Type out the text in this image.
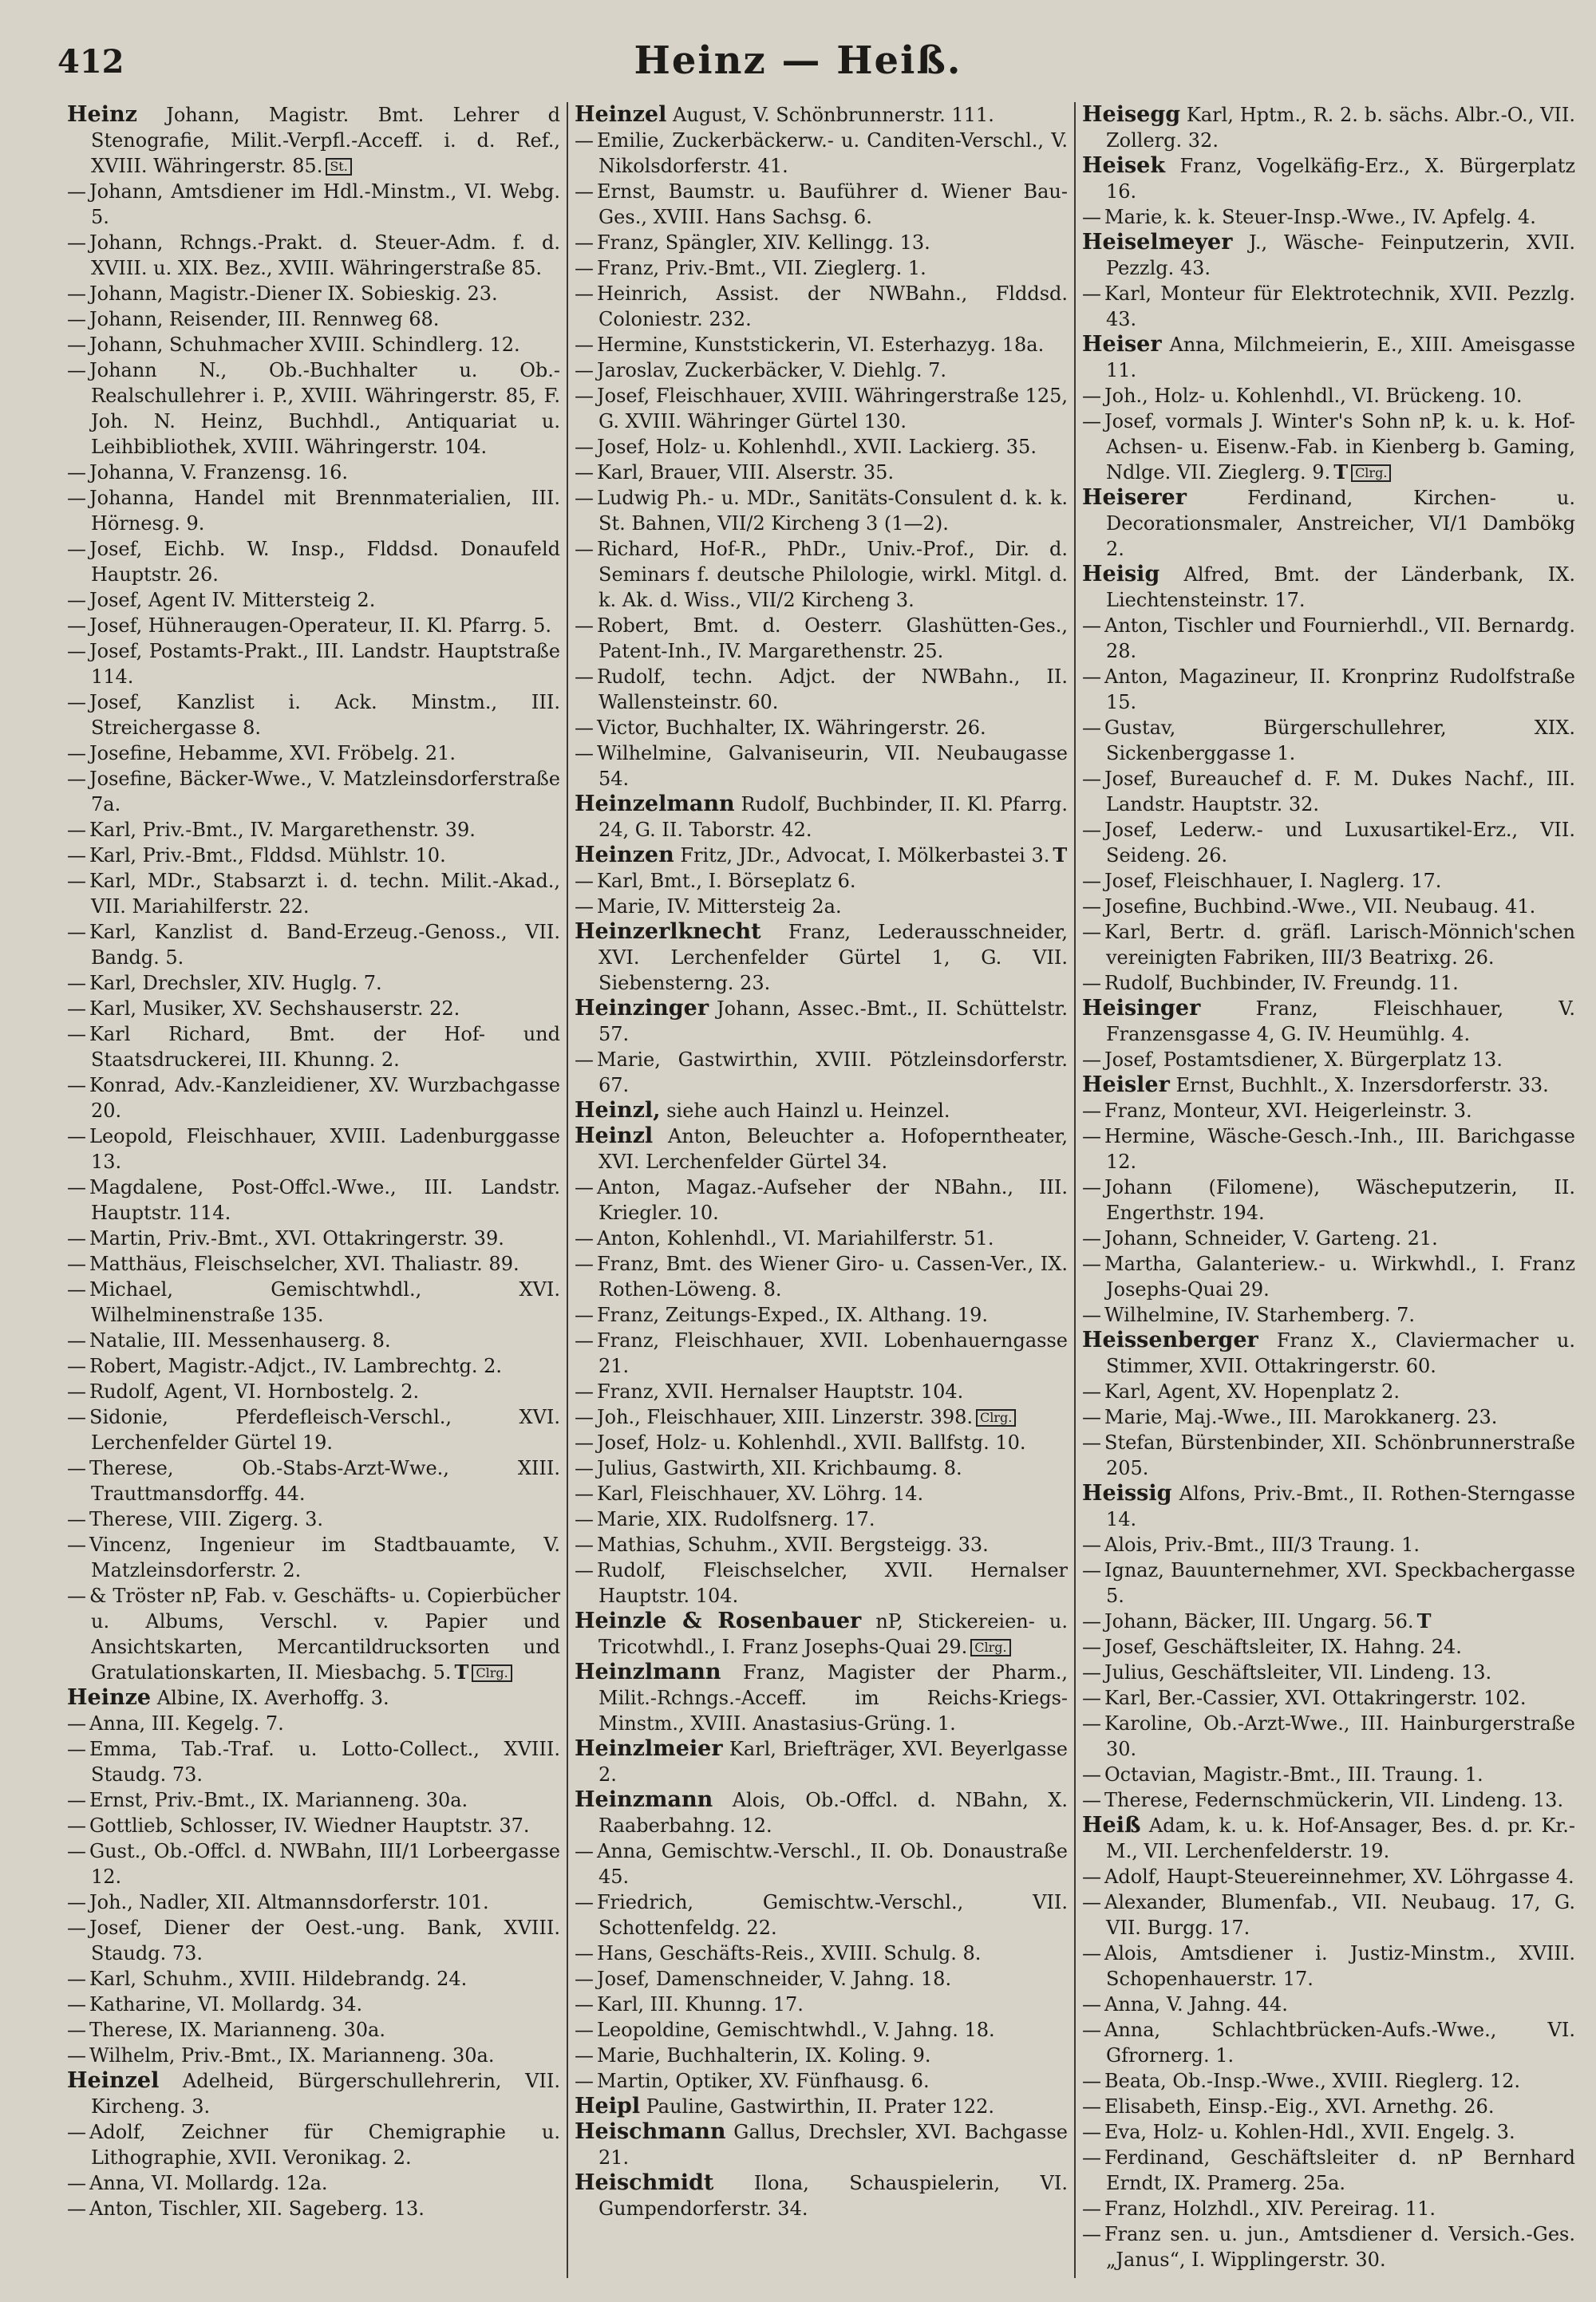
412	Heinz — Heiß.
Heinz Johann, Magistr. Bmt. Lehrer d Stenografie, Milit.-Verpfl.-Acceff. i. d. Ref., XVIII. Währingerstr. 85. St.
— Johann, Amtsdiener im Hdl.-Minstm., VI. Webg. 5.
— Johann, Rchngs.-Prakt. d. Steuer-Adm. f. d. XVIII. u. XIX. Bez., XVIII. Währingerstraße 85.
— Johann, Magistr.-Diener IX. Sobieskig. 23.
— Johann, Reisender, III. Rennweg 68.
— Johann, Schuhmacher XVIII. Schindlerg. 12.
— Johann N., Ob.-Buchhalter u. Ob.-Realschullehrer i. P., XVIII. Währingerstr. 85, F. Joh. N. Heinz, Buchhdl., Antiquariat u. Leihbibliothek, XVIII. Währingerstr. 104.
— Johanna, V. Franzensg. 16.
— Johanna, Handel mit Brennmaterialien, III. Hörnesg. 9.
— Josef, Eichb. W. Insp., Flddsd. Donaufeld Hauptstr. 26.
— Josef, Agent IV. Mittersteig 2.
— Josef, Hühneraugen-Operateur, II. Kl. Pfarrg. 5.
— Josef, Postamts-Prakt., III. Landstr. Hauptstraße 114.
— Josef, Kanzlist i. Ack. Minstm., III. Streichergasse 8.
— Josefine, Hebamme, XVI. Fröbelg. 21.
— Josefine, Bäcker-Wwe., V. Matzleinsdorferstraße 7a.
— Karl, Priv.-Bmt., IV. Margarethenstr. 39.
— Karl, Priv.-Bmt., Flddsd. Mühlstr. 10.
— Karl, MDr., Stabsarzt i. d. techn. Milit.-Akad., VII. Mariahilferstr. 22.
— Karl, Kanzlist d. Band-Erzeug.-Genoss., VII. Bandg. 5.
— Karl, Drechsler, XIV. Huglg. 7.
— Karl, Musiker, XV. Sechshauserstr. 22.
— Karl Richard, Bmt. der Hof- und Staatsdruckerei, III. Khunng. 2.
— Konrad, Adv.-Kanzleidiener, XV. Wurzbachgasse 20.
— Leopold, Fleischhauer, XVIII. Ladenburggasse 13.
— Magdalene, Post-Offcl.-Wwe., III. Landstr. Hauptstr. 114.
— Martin, Priv.-Bmt., XVI. Ottakringerstr. 39.
— Matthäus, Fleischselcher, XVI. Thaliastr. 89.
— Michael, Gemischtwhdl., XVI. Wilhelminenstraße 135.
— Natalie, III. Messenhauserg. 8.
— Robert, Magistr.-Adjct., IV. Lambrechtg. 2.
— Rudolf, Agent, VI. Hornbostelg. 2.
— Sidonie, Pferdefleisch-Verschl., XVI. Lerchenfelder Gürtel 19.
— Therese, Ob.-Stabs-Arzt-Wwe., XIII. Trauttmansdorffg. 44.
— Therese, VIII. Zigerg. 3.
— Vincenz, Ingenieur im Stadtbauamte, V. Matzleinsdorferstr. 2.
— & Tröster nP, Fab. v. Geschäfts- u. Copierbücher u. Albums, Verschl. v. Papier und Ansichtskarten, Mercantildrucksorten und Gratulationskarten, II. Miesbachg. 5. T Clrg.
Heinze Albine, IX. Averhoffg. 3.
— Anna, III. Kegelg. 7.
— Emma, Tab.-Traf. u. Lotto-Collect., XVIII. Staudg. 73.
— Ernst, Priv.-Bmt., IX. Marianneng. 30a.
— Gottlieb, Schlosser, IV. Wiedner Hauptstr. 37.
— Gust., Ob.-Offcl. d. NWBahn, III/1 Lorbeergasse 12.
— Joh., Nadler, XII. Altmannsdorferstr. 101.
— Josef, Diener der Oest.-ung. Bank, XVIII. Staudg. 73.
— Karl, Schuhm., XVIII. Hildebrandg. 24.
— Katharine, VI. Mollardg. 34.
— Therese, IX. Marianneng. 30a.
— Wilhelm, Priv.-Bmt., IX. Marianneng. 30a.
Heinzel Adelheid, Bürgerschullehrerin, VII. Kircheng. 3.
— Adolf, Zeichner für Chemigraphie u. Lithographie, XVII. Veronikag. 2.
— Anna, VI. Mollardg. 12a.
— Anton, Tischler, XII. Sageberg. 13.
Heinzel August, V. Schönbrunnerstr. 111.
— Emilie, Zuckerbäckerw.- u. Canditen-Verschl., V. Nikolsdorferstr. 41.
— Ernst, Baumstr. u. Bauführer d. Wiener Bau-Ges., XVIII. Hans Sachsg. 6.
— Franz, Spängler, XIV. Kellingg. 13.
— Franz, Priv.-Bmt., VII. Zieglerg. 1.
— Heinrich, Assist. der NWBahn., Flddsd. Coloniestr. 232.
— Hermine, Kunststickerin, VI. Esterhazyg. 18a.
— Jaroslav, Zuckerbäcker, V. Diehlg. 7.
— Josef, Fleischhauer, XVIII. Währingerstraße 125, G. XVIII. Währinger Gürtel 130.
— Josef, Holz- u. Kohlenhdl., XVII. Lackierg. 35.
— Karl, Brauer, VIII. Alserstr. 35.
— Ludwig Ph.- u. MDr., Sanitäts-Consulent d. k. k. St. Bahnen, VII/2 Kircheng 3 (1—2).
— Richard, Hof-R., PhDr., Univ.-Prof., Dir. d. Seminars f. deutsche Philologie, wirkl. Mitgl. d. k. Ak. d. Wiss., VII/2 Kircheng 3.
— Robert, Bmt. d. Oesterr. Glashütten-Ges., Patent-Inh., IV. Margarethenstr. 25.
— Rudolf, techn. Adjct. der NWBahn., II. Wallensteinstr. 60.
— Victor, Buchhalter, IX. Währingerstr. 26.
— Wilhelmine, Galvaniseurin, VII. Neubaugasse 54.
Heinzelmann Rudolf, Buchbinder, II. Kl. Pfarrg. 24, G. II. Taborstr. 42.
Heinzen Fritz, JDr., Advocat, I. Mölkerbastei 3. T
— Karl, Bmt., I. Börseplatz 6.
— Marie, IV. Mittersteig 2a.
Heinzerlknecht Franz, Lederausschneider, XVI. Lerchenfelder Gürtel 1, G. VII. Siebensterng. 23.
Heinzinger Johann, Assec.-Bmt., II. Schüttelstr. 57.
— Marie, Gastwirthin, XVIII. Pötzleinsdorferstr. 67.
Heinzl, siehe auch Hainzl u. Heinzel.
Heinzl Anton, Beleuchter a. Hofoperntheater, XVI. Lerchenfelder Gürtel 34.
— Anton, Magaz.-Aufseher der NBahn., III. Kriegler. 10.
— Anton, Kohlenhdl., VI. Mariahilferstr. 51.
— Franz, Bmt. des Wiener Giro- u. Cassen-Ver., IX. Rothen-Löweng. 8.
— Franz, Zeitungs-Exped., IX. Althang. 19.
— Franz, Fleischhauer, XVII. Lobenhauerngasse 21.
— Franz, XVII. Hernalser Hauptstr. 104.
— Joh., Fleischhauer, XIII. Linzerstr. 398. Clrg.
— Josef, Holz- u. Kohlenhdl., XVII. Ballfstg. 10.
— Julius, Gastwirth, XII. Krichbaumg. 8.
— Karl, Fleischhauer, XV. Löhrg. 14.
— Marie, XIX. Rudolfsnerg. 17.
— Mathias, Schuhm., XVII. Bergsteigg. 33.
— Rudolf, Fleischselcher, XVII. Hernalser Hauptstr. 104.
Heinzle & Rosenbauer nP, Stickereien- u. Tricotwhdl., I. Franz Josephs-Quai 29. Clrg.
Heinzlmann Franz, Magister der Pharm., Milit.-Rchngs.-Acceff. im Reichs-Kriegs-Minstm., XVIII. Anastasius-Grüng. 1.
Heinzlmeier Karl, Briefträger, XVI. Beyerlgasse 2.
Heinzmann Alois, Ob.-Offcl. d. NBahn, X. Raaberbahng. 12.
— Anna, Gemischtw.-Verschl., II. Ob. Donaustraße 45.
— Friedrich, Gemischtw.-Verschl., VII. Schottenfeldg. 22.
— Hans, Geschäfts-Reis., XVIII. Schulg. 8.
— Josef, Damenschneider, V. Jahng. 18.
— Karl, III. Khunng. 17.
— Leopoldine, Gemischtwhdl., V. Jahng. 18.
— Marie, Buchhalterin, IX. Koling. 9.
— Martin, Optiker, XV. Fünfhausg. 6.
Heipl Pauline, Gastwirthin, II. Prater 122.
Heischmann Gallus, Drechsler, XVI. Bachgasse 21.
Heischmidt Ilona, Schauspielerin, VI. Gumpendorferstr. 34.
Heisegg Karl, Hptm., R. 2. b. sächs. Albr.-O., VII. Zollerg. 32.
Heisek Franz, Vogelkäfig-Erz., X. Bürgerplatz 16.
— Marie, k. k. Steuer-Insp.-Wwe., IV. Apfelg. 4.
Heiselmeyer J., Wäsche- Feinputzerin, XVII. Pezzlg. 43.
— Karl, Monteur für Elektrotechnik, XVII. Pezzlg. 43.
Heiser Anna, Milchmeierin, E., XIII. Ameisgasse 11.
— Joh., Holz- u. Kohlenhdl., VI. Brückeng. 10.
— Josef, vormals J. Winter's Sohn nP, k. u. k. Hof-Achsen- u. Eisenw.-Fab. in Kienberg b. Gaming, Ndlge. VII. Zieglerg. 9. T Clrg.
Heiserer	Ferdinand, Kirchen- u. Decorationsmaler, Anstreicher, VI/1 Dambökg 2.
Heisig Alfred, Bmt. der Länderbank, IX. Liechtensteinstr. 17.
— Anton, Tischler und Fournierhdl., VII. Bernardg. 28.
— Anton, Magazineur, II. Kronprinz Rudolfstraße 15.
— Gustav, Bürgerschullehrer, XIX. Sickenberggasse 1.
— Josef, Bureauchef d. F. M. Dukes Nachf., III. Landstr. Hauptstr. 32.
— Josef, Lederw.- und Luxusartikel-Erz., VII. Seideng. 26.
— Josef, Fleischhauer, I. Naglerg. 17.
— Josefine, Buchbind.-Wwe., VII. Neubaug. 41.
— Karl, Bertr. d. gräfl. Larisch-Mönnich'schen vereinigten Fabriken, III/3 Beatrixg. 26.
— Rudolf, Buchbinder, IV. Freundg. 11.
Heisinger	Franz, Fleischhauer, V. Franzensgasse 4, G. IV. Heumühlg. 4.
— Josef, Postamtsdiener, X. Bürgerplatz 13.
Heisler Ernst, Buchhlt., X. Inzersdorferstr. 33.
— Franz, Monteur, XVI. Heigerleinstr. 3.
— Hermine, Wäsche-Gesch.-Inh., III. Barichgasse 12.
— Johann (Filomene), Wäscheputzerin, II. Engerthstr. 194.
— Johann, Schneider, V. Garteng. 21.
— Martha, Galanteriew.- u. Wirkwhdl., I. Franz Josephs-Quai 29.
— Wilhelmine, IV. Starhemberg. 7.
Heissenberger Franz X., Claviermacher u. Stimmer, XVII. Ottakringerstr. 60.
— Karl, Agent, XV. Hopenplatz 2.
— Marie, Maj.-Wwe., III. Marokkanerg. 23.
— Stefan, Bürstenbinder, XII. Schönbrunnerstraße 205.
Heissig Alfons, Priv.-Bmt., II. Rothen-Sterngasse 14.
— Alois, Priv.-Bmt., III/3 Traung. 1.
— Ignaz, Bauunternehmer, XVI. Speckbachergasse 5.
— Johann, Bäcker, III. Ungarg. 56. T
— Josef, Geschäftsleiter, IX. Hahng. 24.
— Julius, Geschäftsleiter, VII. Lindeng. 13.
— Karl, Ber.-Cassier, XVI. Ottakringerstr. 102.
— Karoline, Ob.-Arzt-Wwe., III. Hainburgerstraße 30.
— Octavian, Magistr.-Bmt., III. Traung. 1.
— Therese, Federnschmückerin, VII. Lindeng. 13.
Heiß Adam, k. u. k. Hof-Ansager, Bes. d. pr. Kr.-M., VII. Lerchenfelderstr. 19.
— Adolf, Haupt-Steuereinnehmer, XV. Löhrgasse 4.
— Alexander, Blumenfab., VII. Neubaug. 17, G. VII. Burgg. 17.
— Alois, Amtsdiener i. Justiz-Minstm., XVIII. Schopenhauerstr. 17.
— Anna, V. Jahng. 44.
— Anna, Schlachtbrücken-Aufs.-Wwe., VI. Gfrornerg. 1.
— Beata, Ob.-Insp.-Wwe., XVIII. Rieglerg. 12.
— Elisabeth, Einsp.-Eig., XVI. Arnethg. 26.
— Eva, Holz- u. Kohlen-Hdl., XVII. Engelg. 3.
— Ferdinand, Geschäftsleiter d. nP Bernhard Erndt, IX. Pramerg. 25a.
— Franz, Holzhdl., XIV. Pereirag. 11.
— Franz sen. u. jun., Amtsdiener d. Versich.-Ges. „Janus“, I. Wipplingerstr. 30.
